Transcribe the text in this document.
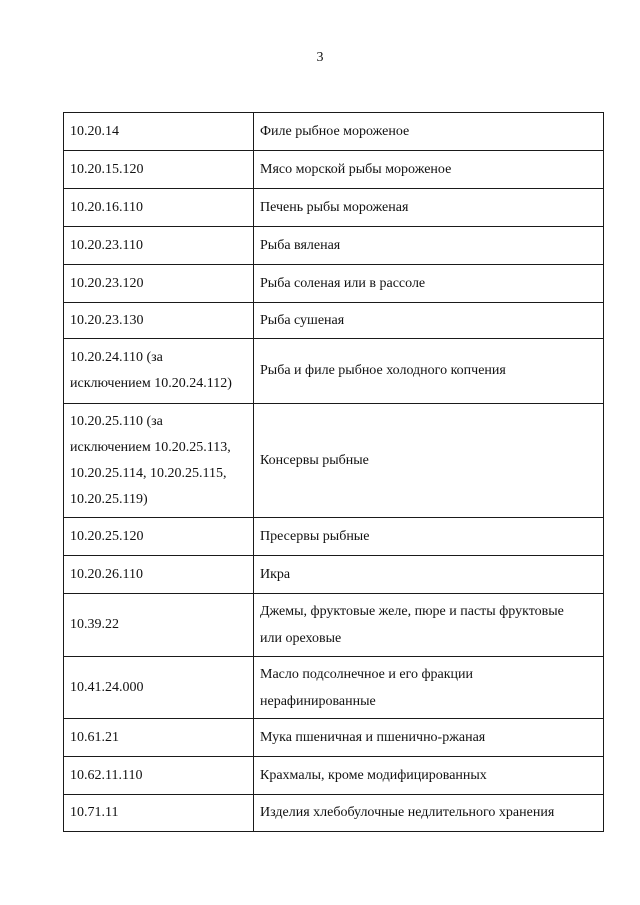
3
10.20.14	Филе рыбное мороженое
10.20.15.120	Мясо морской рыбы мороженое
10.20.16.110	Печень рыбы мороженая
10.20.23.110	Рыба вяленая
10.20.23.120	Рыба соленая или в рассоле
10.20.23.130	Рыба сушеная

10.20.24.110 (за
исключением 10.20.24.112)	Рыба и филе рыбное холодного копчения

10.20.25.110 (за
исключением 10.20.25.113,
10.20.25.114, 10.20.25.115,
10.20.25.119)	Консервы рыбные
10.20.25.120	Пресервы рыбные
10.20.26.110	Икра
10.39.22	Джемы, фруктовые желе, пюре и пасты фруктовые
или ореховые

10.41.24.000	Масло подсолнечное и его фракции
нерафинированные

10.61.21	Мука пшеничная и пшенично-ржаная
10.62.11.110	Крахмалы, кроме модифицированных
10.71.11	Изделия хлебобулочные недлительного хранения
